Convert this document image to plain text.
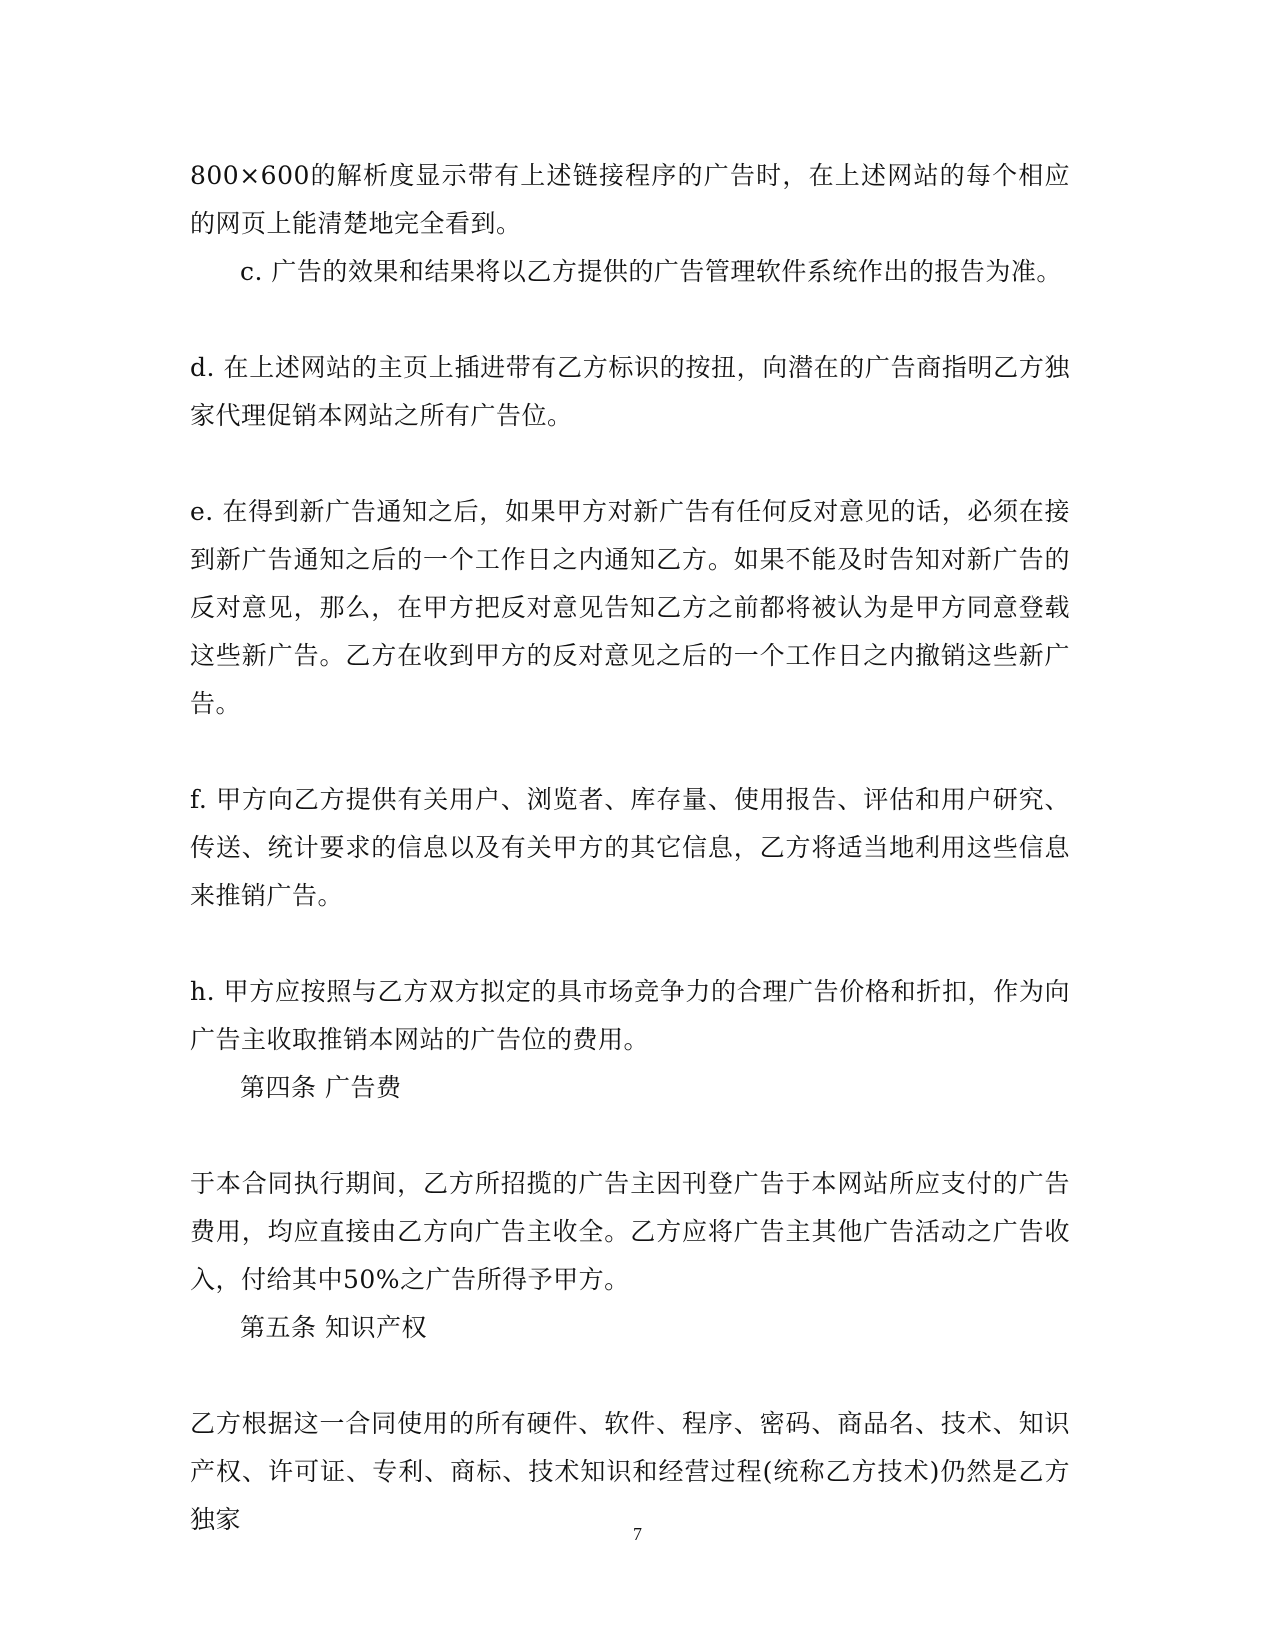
800×600的解析度显示带有上述链接程序的广告时，在上述网站的每个相应的网页上能清楚地完全看到。

c. 广告的效果和结果将以乙方提供的广告管理软件系统作出的报告为准。

d. 在上述网站的主页上插进带有乙方标识的按扭，向潜在的广告商指明乙方独家代理促销本网站之所有广告位。

e. 在得到新广告通知之后，如果甲方对新广告有任何反对意见的话，必须在接到新广告通知之后的一个工作日之内通知乙方。如果不能及时告知对新广告的反对意见，那么，在甲方把反对意见告知乙方之前都将被认为是甲方同意登载这些新广告。乙方在收到甲方的反对意见之后的一个工作日之内撤销这些新广告。

f. 甲方向乙方提供有关用户、浏览者、库存量、使用报告、评估和用户研究、传送、统计要求的信息以及有关甲方的其它信息，乙方将适当地利用这些信息来推销广告。

h. 甲方应按照与乙方双方拟定的具市场竞争力的合理广告价格和折扣，作为向广告主收取推销本网站的广告位的费用。

第四条 广告费

于本合同执行期间，乙方所招揽的广告主因刊登广告于本网站所应支付的广告费用，均应直接由乙方向广告主收全。乙方应将广告主其他广告活动之广告收入，付给其中50%之广告所得予甲方。

第五条 知识产权

乙方根据这一合同使用的所有硬件、软件、程序、密码、商品名、技术、知识产权、许可证、专利、商标、技术知识和经营过程(统称乙方技术)仍然是乙方独家	7
